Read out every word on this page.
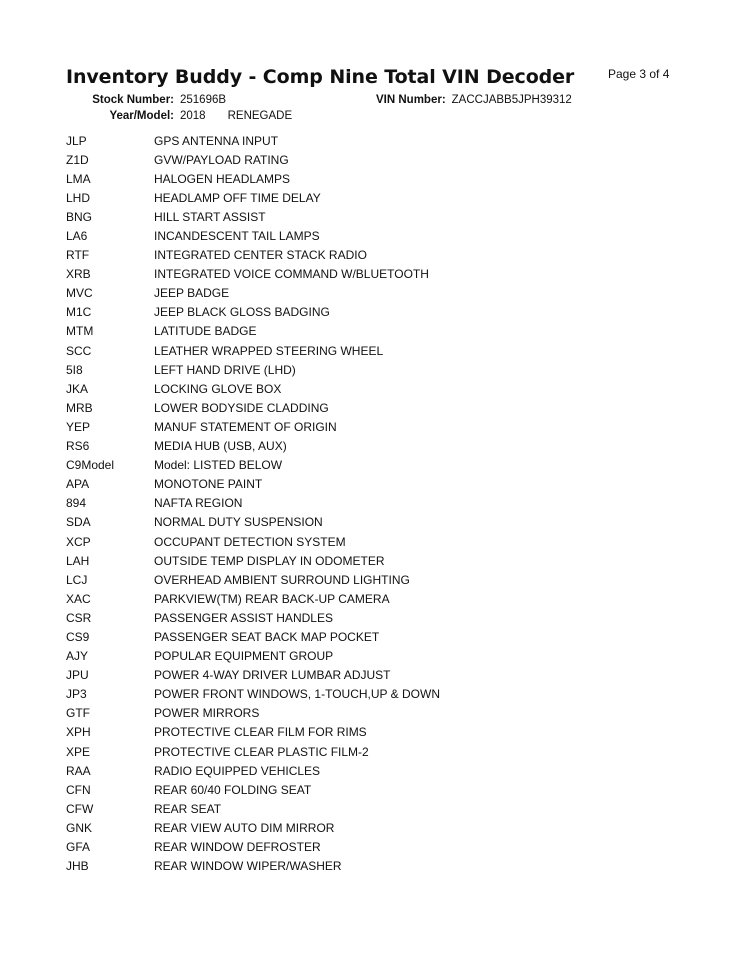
Inventory Buddy - Comp Nine Total VIN Decoder	Page 3 of 4
Stock Number: 251696B	VIN Number: ZACCJABB5JPH39312
Year/Model: 2018 RENEGADE
JLP	GPS ANTENNA INPUT
Z1D	GVW/PAYLOAD RATING
LMA	HALOGEN HEADLAMPS
LHD	HEADLAMP OFF TIME DELAY
BNG	HILL START ASSIST
LA6	INCANDESCENT TAIL LAMPS
RTF	INTEGRATED CENTER STACK RADIO
XRB	INTEGRATED VOICE COMMAND W/BLUETOOTH
MVC	JEEP BADGE
M1C	JEEP BLACK GLOSS BADGING
MTM	LATITUDE BADGE
SCC	LEATHER WRAPPED STEERING WHEEL
5I8	LEFT HAND DRIVE (LHD)
JKA	LOCKING GLOVE BOX
MRB	LOWER BODYSIDE CLADDING
YEP	MANUF STATEMENT OF ORIGIN
RS6	MEDIA HUB (USB, AUX)
C9Model	Model: LISTED BELOW
APA	MONOTONE PAINT
894	NAFTA REGION
SDA	NORMAL DUTY SUSPENSION
XCP	OCCUPANT DETECTION SYSTEM
LAH	OUTSIDE TEMP DISPLAY IN ODOMETER
LCJ	OVERHEAD AMBIENT SURROUND LIGHTING
XAC	PARKVIEW(TM) REAR BACK-UP CAMERA
CSR	PASSENGER ASSIST HANDLES
CS9	PASSENGER SEAT BACK MAP POCKET
AJY	POPULAR EQUIPMENT GROUP
JPU	POWER 4-WAY DRIVER LUMBAR ADJUST
JP3	POWER FRONT WINDOWS, 1-TOUCH,UP & DOWN
GTF	POWER MIRRORS
XPH	PROTECTIVE CLEAR FILM FOR RIMS
XPE	PROTECTIVE CLEAR PLASTIC FILM-2
RAA	RADIO EQUIPPED VEHICLES
CFN	REAR 60/40 FOLDING SEAT
CFW	REAR SEAT
GNK	REAR VIEW AUTO DIM MIRROR
GFA	REAR WINDOW DEFROSTER
JHB	REAR WINDOW WIPER/WASHER
